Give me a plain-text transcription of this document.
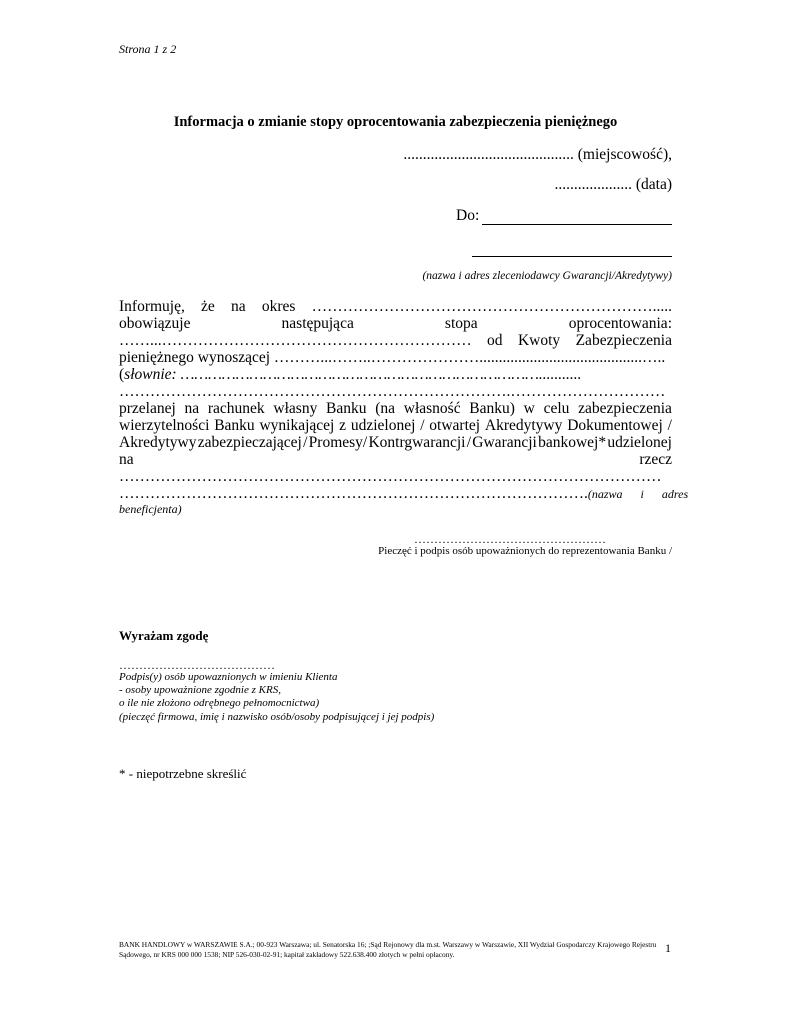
Strona 1 z 2
Informacja o zmianie stopy oprocentowania zabezpieczenia pieniężnego
............................................ (miejscowość),
.................... (data)
Do:
(nazwa i adres zleceniodawcy Gwarancji/Akredytywy)
Informuję, że na okres ………………………………………………………….....
obowiązuje	następująca	stopa	oprocentowania:
……...…………………………………………………… od Kwoty Zabezpieczenia
pieniężnego wynoszącej ………...……..…………………..........................................…..
(słownie: ……………………………………………………………………...........
………………………………………………………………….…………………………
przelanej na rachunek własny Banku (na własność Banku) w celu zabezpieczenia
wierzytelności Banku wynikającej z udzielonej / otwartej Akredytywy Dokumentowej /
Akredytywy zabezpieczającej / Promesy/ Kontrgwarancji / Gwarancji bankowej* udzielonej
na	rzecz
……………………………………………………………………………………………
………………………………………………………………………………. (nazwa i adres
beneficjenta)
…………………………………………
Pieczęć i podpis osób upoważnionych do reprezentowania Banku /
Wyrażam zgodę
…………………………………
Podpis(y) osób upowaznionych w imieniu Klienta
- osoby upoważnione zgodnie z KRS,
o ile nie złożono odrębnego pełnomocnictwa)
(pieczęć firmowa, imię i nazwisko osób/osoby podpisującej i jej podpis)
* - niepotrzebne skreślić
BANK HANDLOWY w WARSZAWIE S.A.; 00-923 Warszawa; ul. Senatorska 16; ;Sąd Rejonowy dla m.st. Warszawy w Warszawie, XII Wydział Gospodarczy Krajowego Rejestru
Sądowego, nr KRS 000 000 1538; NIP 526-030-02-91; kapitał zakładowy 522.638.400 złotych w pełni opłacony.	1
